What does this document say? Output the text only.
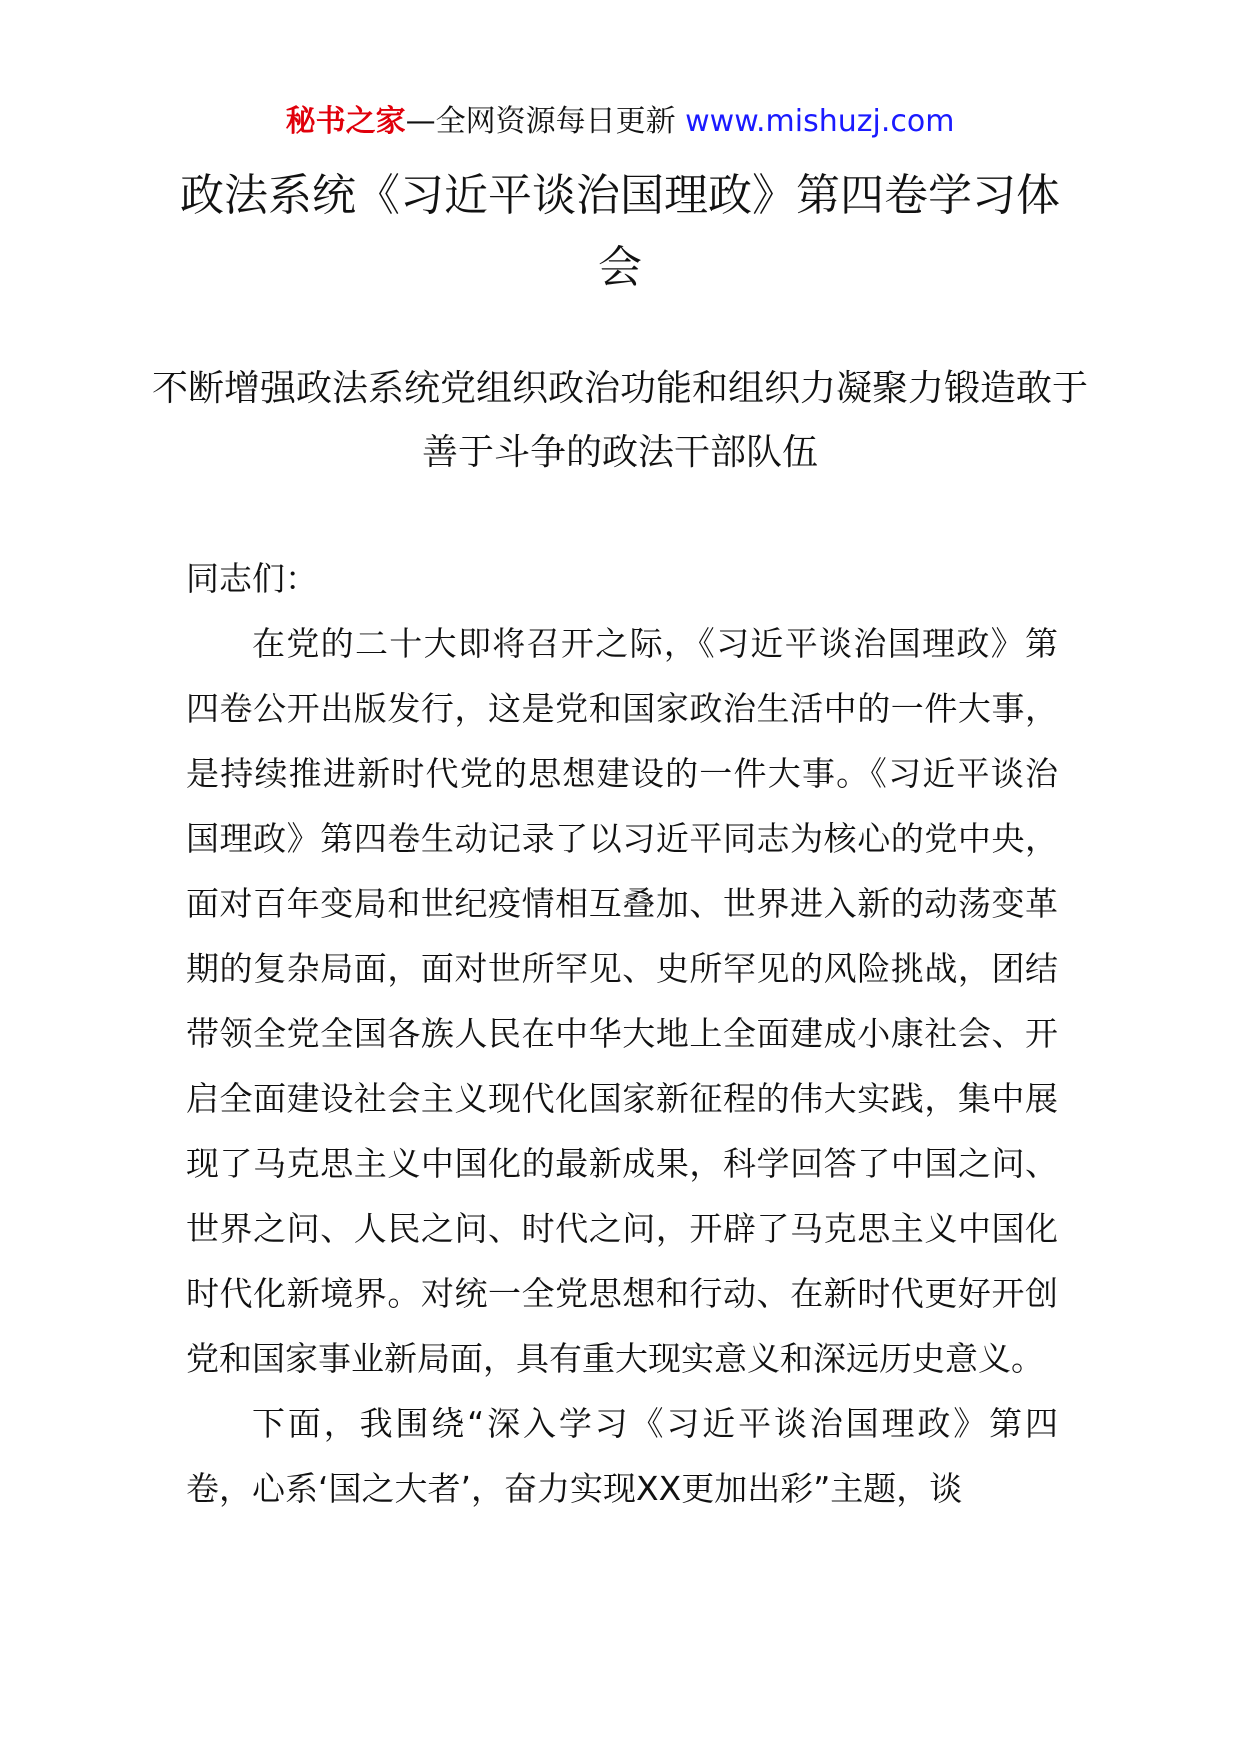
秘书之家—全网资源每日更新 www.mishuzj.com
政法系统《习近平谈治国理政》第四卷学习体会
不断增强政法系统党组织政治功能和组织力凝聚力锻造敢于善于斗争的政法干部队伍

同志们：

在党的二十大即将召开之际，《习近平谈治国理政》第四卷公开出版发行，这是党和国家政治生活中的一件大事，是持续推进新时代党的思想建设的一件大事。《习近平谈治国理政》第四卷生动记录了以习近平同志为核心的党中央，面对百年变局和世纪疫情相互叠加、世界进入新的动荡变革期的复杂局面，面对世所罕见、史所罕见的风险挑战，团结带领全党全国各族人民在中华大地上全面建成小康社会、开启全面建设社会主义现代化国家新征程的伟大实践，集中展现了马克思主义中国化的最新成果，科学回答了中国之问、世界之问、人民之问、时代之问，开辟了马克思主义中国化时代化新境界。对统一全党思想和行动、在新时代更好开创党和国家事业新局面，具有重大现实意义和深远历史意义。

下面，我围绕“深入学习《习近平谈治国理政》第四卷，心系‘国之大者’，奋力实现XX更加出彩”主题，谈
